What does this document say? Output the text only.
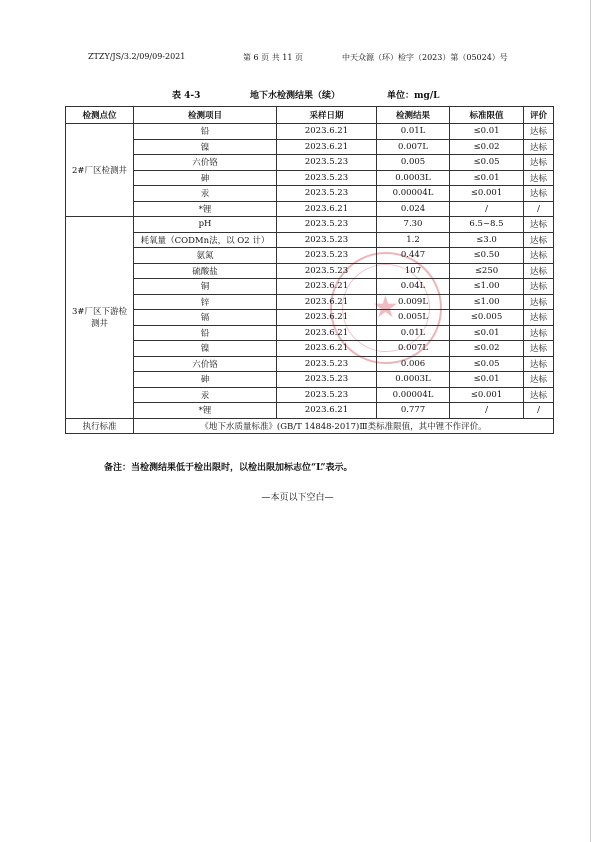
ZTZY/JS/3.2/09/09-2021	第 6 页 共 11 页	中天众源（环）检字（2023）第（05024）号
表 4-3	地下水检测结果（续）	单位：mg/L
★
检测点位	检测项目	采样日期	检测结果	标准限值	评价
2#厂区检测井	铅	2023.6.21	0.01L	≤0.01	达标
	镍	2023.6.21	0.007L	≤0.02	达标
	六价铬	2023.5.23	0.005	≤0.05	达标
	砷	2023.5.23	0.0003L	≤0.01	达标
	汞	2023.5.23	0.00004L	≤0.001	达标
	*锂	2023.6.21	0.024	/	/
3#厂区下游检测井	pH	2023.5.23	7.30	6.5~8.5	达标
	耗氧量（CODMn法，以 O2 计）	2023.5.23	1.2	≤3.0	达标
	氨氮	2023.5.23	0.447	≤0.50	达标
	硫酸盐	2023.5.23	107	≤250	达标
	铜	2023.6.21	0.04L	≤1.00	达标
	锌	2023.6.21	0.009L	≤1.00	达标
	镉	2023.6.21	0.005L	≤0.005	达标
	铅	2023.6.21	0.01L	≤0.01	达标
	镍	2023.6.21	0.007L	≤0.02	达标
	六价铬	2023.5.23	0.006	≤0.05	达标
	砷	2023.5.23	0.0003L	≤0.01	达标
	汞	2023.5.23	0.00004L	≤0.001	达标
	*锂	2023.6.21	0.777	/	/
执行标准	《地下水质量标准》(GB/T 14848-2017)Ⅲ类标准限值，其中锂不作评价。				
备注：当检测结果低于检出限时，以检出限加标志位“L”表示。
—本页以下空白—
